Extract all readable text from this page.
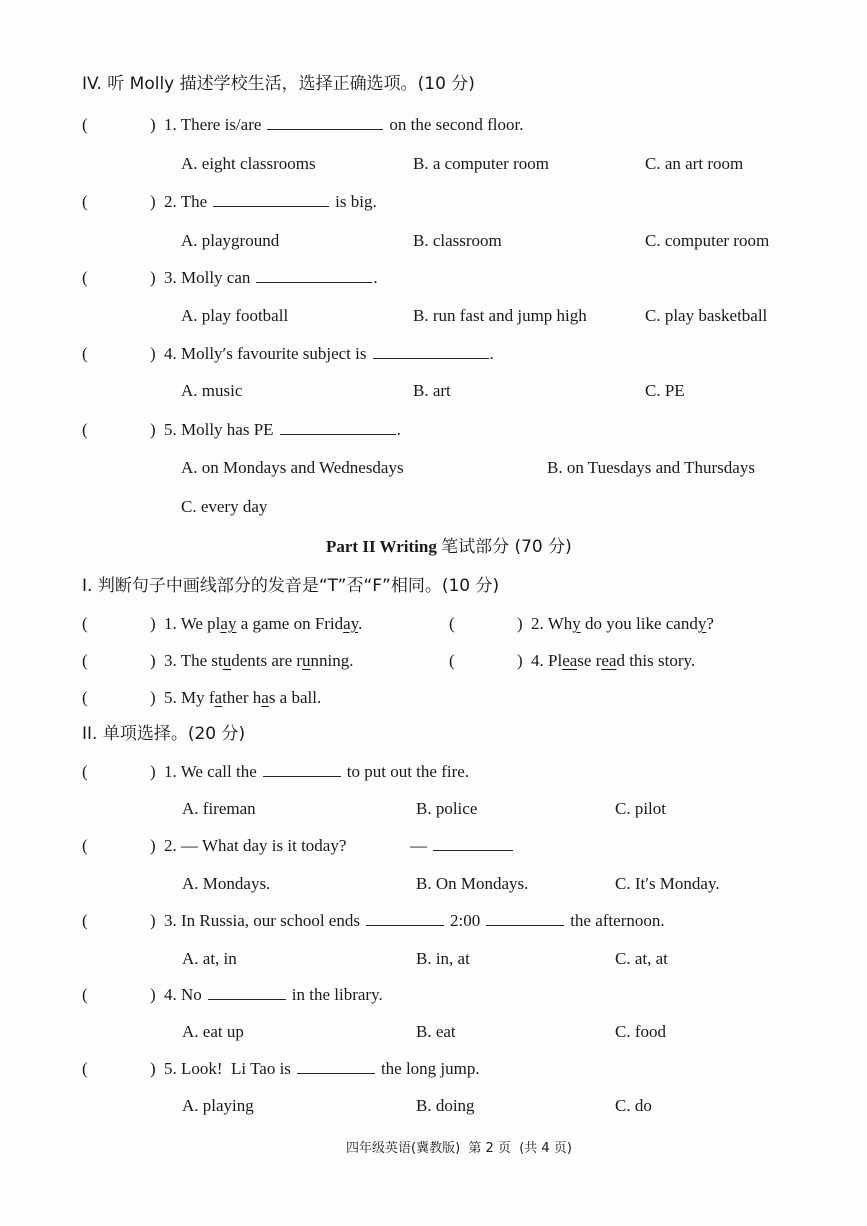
IV. 听 Molly 描述学校生活，选择正确选项。(10 分)
(	) 1. There is/are	on the second floor.
A. eight classrooms	B. a computer room	C. an art room
(	) 2. The	is big.
A. playground	B. classroom	C. computer room
(	) 3. Molly can	.
A. play football	B. run fast and jump high	C. play basketball
(	) 4. Molly′s favourite subject is	.
A. music	B. art	C. PE
(	) 5. Molly has PE	.
A. on Mondays and Wednesdays	B. on Tuesdays and Thursdays
C. every day
Part II Writing 笔试部分 (70 分)
I. 判断句子中画线部分的发音是“T”否“F”相同。(10 分)
(	) 1. We play a game on Friday.	(	) 2. Why do you like candy?
(	) 3. The students are running.	(	) 4. Please read this story.
(	) 5. My father has a ball.
II. 单项选择。(20 分)
(	) 1. We call the	to put out the fire.
A. fireman	B. police	C. pilot
(	) 2. — What day is it today?	—
A. Mondays.	B. On Mondays.	C. It′s Monday.
(	) 3. In Russia, our school ends	2:00	the afternoon.
A. at, in	B. in, at	C. at, at
(	) 4. No	in the library.
A. eat up	B. eat	C. food
(	) 5. Look!  Li Tao is	the long jump.
A. playing	B. doing	C. do
四年级英语(冀教版)  第 2 页  (共 4 页)
